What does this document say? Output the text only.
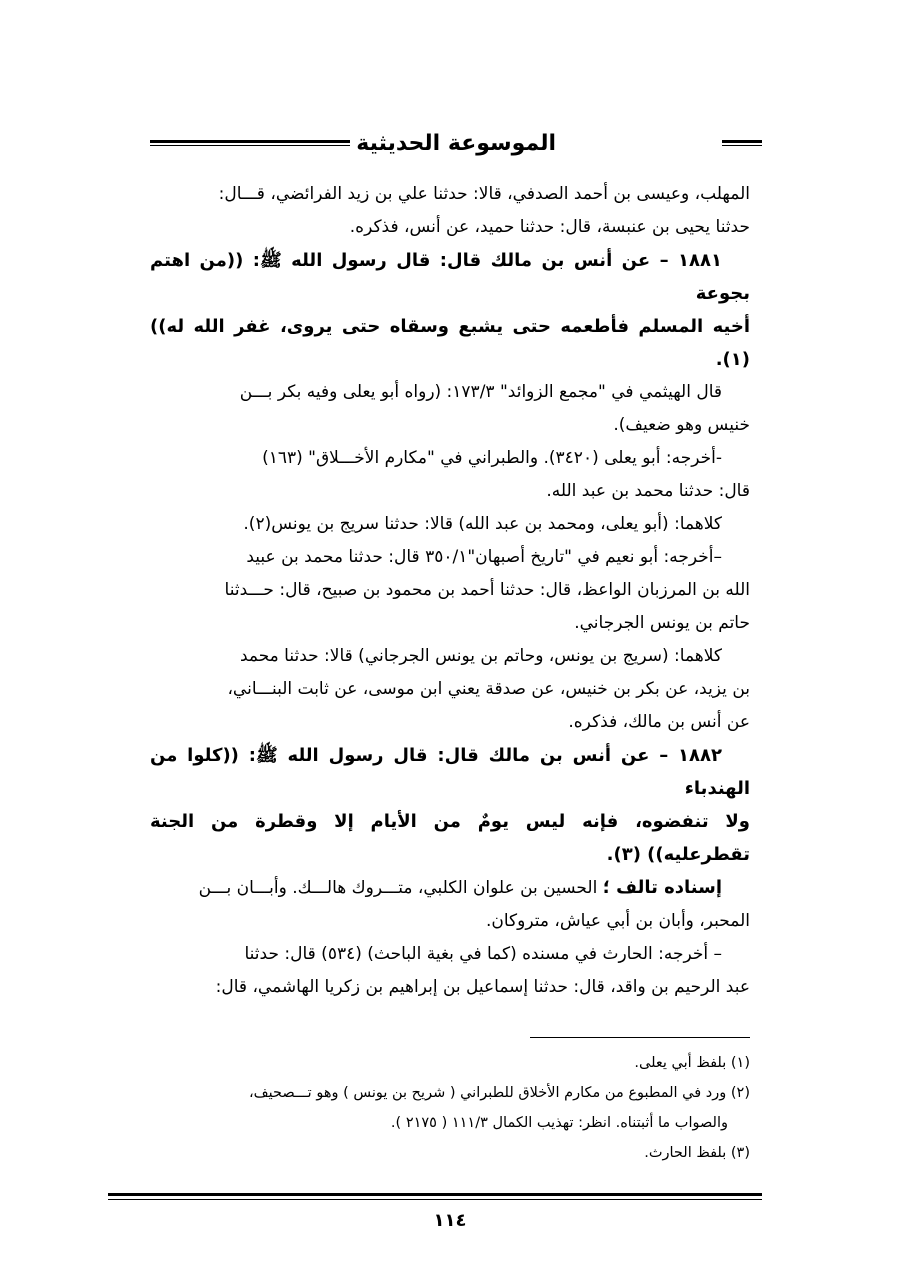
الموسوعة الحديثية

المهلب، وعيسى بن أحمد الصدفي، قالا: حدثنا علي بن زيد الفرائضي، قـــال:

حدثنا يحيى بن عنبسة، قال: حدثنا حميد، عن أنس، فذكره.

١٨٨١ – عن أنس بن مالك قال: قال رسول الله ﷺ: ((من اهتم بجوعة

أخيه المسلم فأطعمه حتى يشبع وسقاه حتى يروى، غفر الله له)) (١).

قال الهيثمي في "مجمع الزوائد" ١٧٣/٣: (رواه أبو يعلى وفيه بكر بـــن

خنيس وهو ضعيف).

-أخرجه: أبو يعلى (٣٤٢٠). والطبراني في "مكارم الأخـــلاق" (١٦٣)

قال: حدثنا محمد بن عبد الله.

كلاهما: (أبو يعلى، ومحمد بن عبد الله) قالا: حدثنا سريج بن يونس(٢).

–أخرجه: أبو نعيم في "تاريخ أصبهان"٣٥٠/١ قال: حدثنا محمد بن عبيد

الله بن المرزبان الواعظ، قال: حدثنا أحمد بن محمود بن صبيح، قال: حـــدثنا

حاتم بن يونس الجرجاني.

كلاهما: (سريج بن يونس، وحاتم بن يونس الجرجاني) قالا: حدثنا محمد

بن يزيد، عن بكر بن خنيس، عن صدقة يعني ابن موسى، عن ثابت البنـــاني،

عن أنس بن مالك، فذكره.

١٨٨٢ – عن أنس بن مالك قال: قال رسول الله ﷺ: ((كلوا من الهندباء

ولا تنفضوه، فإنه ليس يومٌ من الأيام إلا وقطرة من الجنة تقطرعليه)) (٣).

إسناده تالف ؛ الحسين بن علوان الكلبي، متـــروك هالـــك. وأبـــان بـــن

المحبر، وأبان بن أبي عياش، متروكان.

– أخرجه: الحارث في مسنده (كما في بغية الباحث) (٥٣٤) قال: حدثنا

عبد الرحيم بن واقد، قال: حدثنا إسماعيل بن إبراهيم بن زكريا الهاشمي، قال:

(١) بلفظ أبي يعلى.

(٢) ورد في المطبوع من مكارم الأخلاق للطبراني ( شريح بن يونس ) وهو تـــصحيف،

والصواب ما أثبتناه. انظر: تهذيب الكمال ١١١/٣ ( ٢١٧٥ ).

(٣) بلفظ الحارث.

١١٤
